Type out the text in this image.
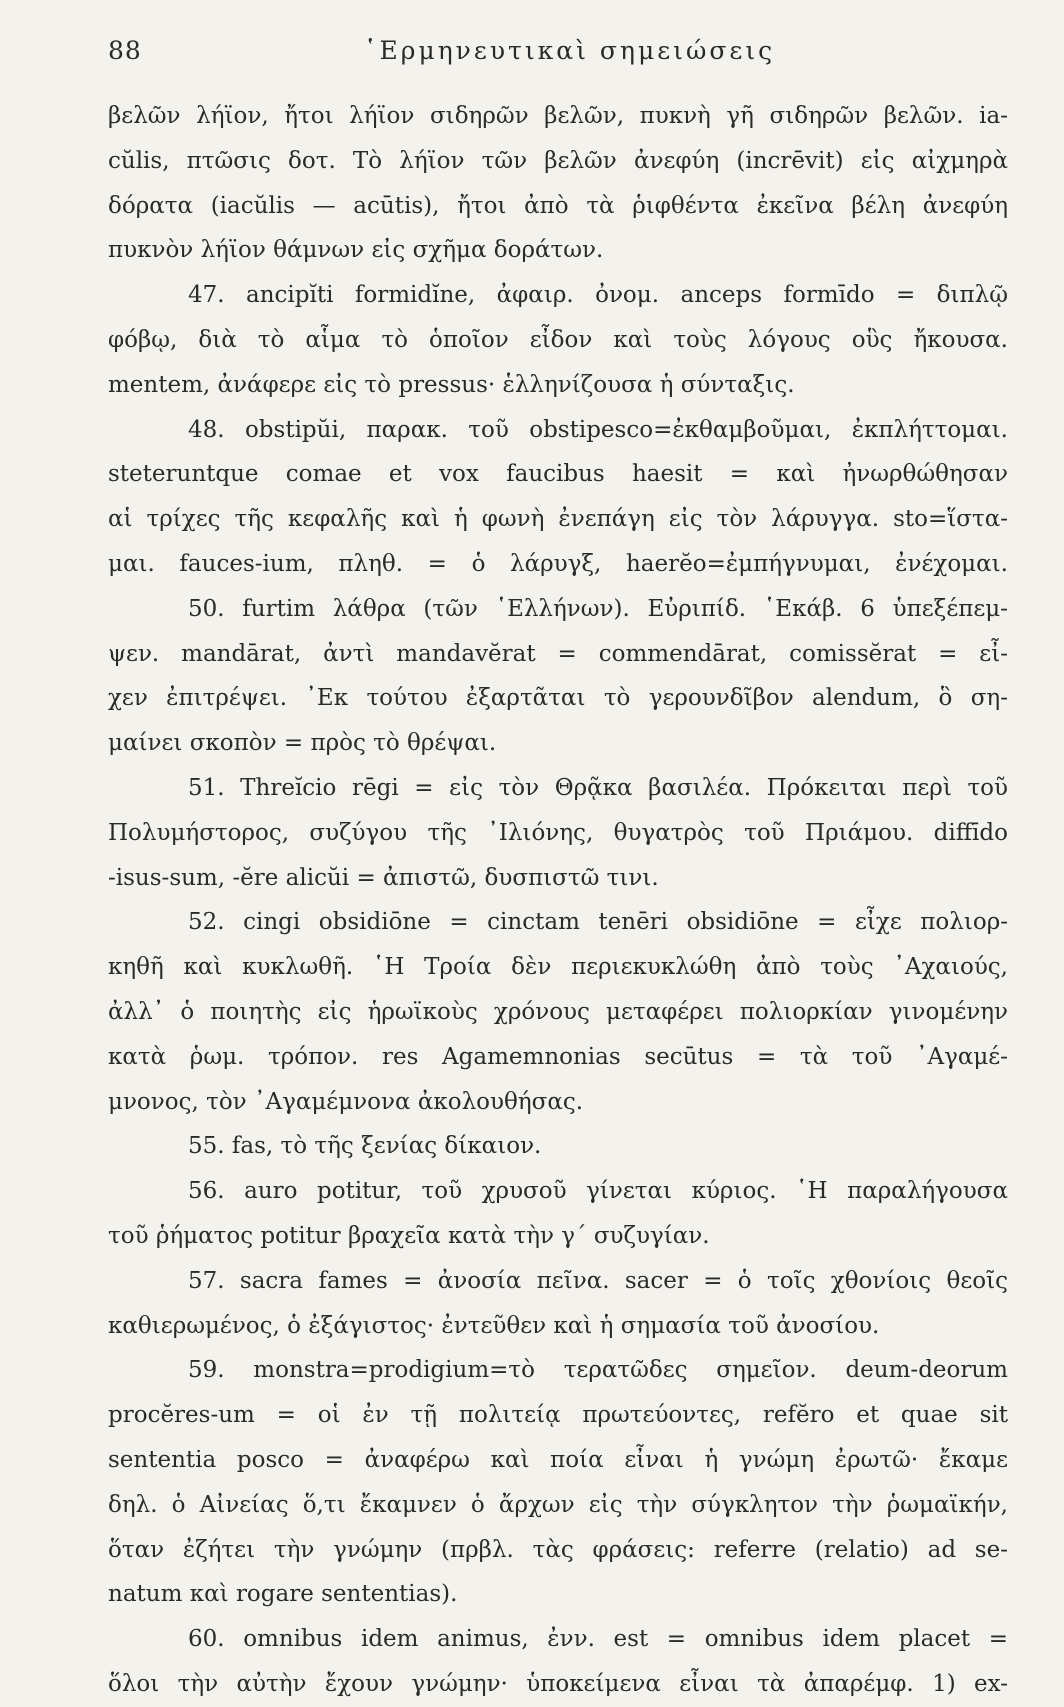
88	῾Ερμηνευτικαὶ σημειώσεις
βελῶν λήϊον, ἤτοι λήϊον σιδηρῶν βελῶν, πυκνὴ γῆ σιδηρῶν βελῶν. ia-
cŭlis, πτῶσις δοτ. Τὸ λήϊον τῶν βελῶν ἀνεφύη (incrēvit) εἰς αἰχμηρὰ
δόρατα (iacŭlis — acūtis), ἤτοι ἀπὸ τὰ ῥιφθέντα ἐκεῖνα βέλη ἀνεφύη
πυκνὸν λήϊον θάμνων εἰς σχῆμα δοράτων.
47. ancipĭti formidĭne, ἀφαιρ. ὀνομ. anceps formīdo = διπλῷ
φόβῳ, διὰ τὸ αἷμα τὸ ὁποῖον εἶδον καὶ τοὺς λόγους οὓς ἤκουσα.
mentem, ἀνάφερε εἰς τὸ pressus· ἑλληνίζουσα ἡ σύνταξις.
48. obstipŭi, παρακ. τοῦ obstipesco=ἐκθαμβοῦμαι, ἐκπλήττομαι.
steteruntque comae et vox faucibus haesit = καὶ ἠνωρθώθησαν
αἱ τρίχες τῆς κεφαλῆς καὶ ἡ φωνὴ ἐνεπάγη εἰς τὸν λάρυγγα. sto=ἵστα-
μαι. fauces-ium, πληθ. = ὁ λάρυγξ, haerĕo=ἐμπήγνυμαι, ἐνέχομαι.
50. furtim λάθρα (τῶν ῾Ελλήνων). Εὐριπίδ. ῾Εκάβ. 6 ὑπεξέπεμ-
ψεν. mandārat, ἀντὶ mandavĕrat = commendārat, comissĕrat = εἶ-
χεν ἐπιτρέψει. ᾿Εκ τούτου ἐξαρτᾶται τὸ γερουνδῖβον alendum, ὃ ση-
μαίνει σκοπὸν = πρὸς τὸ θρέψαι.
51. Threĭcio rēgi = εἰς τὸν Θρᾷκα βασιλέα. Πρόκειται περὶ τοῦ
Πολυμήστορος, συζύγου τῆς ᾿Ιλιόνης, θυγατρὸς τοῦ Πριάμου. diffīdo
-isus-sum, -ĕre alicŭi = ἀπιστῶ, δυσπιστῶ τινι.
52. cingi obsidiōne = cinctam tenēri obsidiōne = εἶχε πολιορ-
κηθῆ καὶ κυκλωθῆ. ῾Η Τροία δὲν περιεκυκλώθη ἀπὸ τοὺς ᾿Αχαιούς,
ἀλλ᾿ ὁ ποιητὴς εἰς ἡρωϊκοὺς χρόνους μεταφέρει πολιορκίαν γινομένην
κατὰ ῥωμ. τρόπον. res Agamemnonias secūtus = τὰ τοῦ ᾿Αγαμέ-
μνονος, τὸν ᾿Αγαμέμνονα ἀκολουθήσας.
55. fas, τὸ τῆς ξενίας δίκαιον.
56. auro potitur, τοῦ χρυσοῦ γίνεται κύριος. ῾Η παραλήγουσα
τοῦ ῥήματος potitur βραχεῖα κατὰ τὴν γ΄ συζυγίαν.
57. sacra fames = ἀνοσία πεῖνα. sacer = ὁ τοῖς χθονίοις θεοῖς
καθιερωμένος, ὁ ἐξάγιστος· ἐντεῦθεν καὶ ἡ σημασία τοῦ ἀνοσίου.
59. monstra=prodigium=τὸ τερατῶδες σημεῖον. deum-deorum
procĕres-um = οἱ ἐν τῇ πολιτείᾳ πρωτεύοντες, refĕro et quae sit
sententia posco = ἀναφέρω καὶ ποία εἶναι ἡ γνώμη ἐρωτῶ· ἔκαμε
δηλ. ὁ Αἰνείας ὅ,τι ἔκαμνεν ὁ ἄρχων εἰς τὴν σύγκλητον τὴν ῥωμαϊκήν,
ὅταν ἐζήτει τὴν γνώμην (πρβλ. τὰς φράσεις: referre (relatio) ad se-
natum καὶ rogare sententias).
60. omnibus idem animus, ἐνν. est = omnibus idem placet =
ὅλοι τὴν αὐτὴν ἔχουν γνώμην· ὑποκείμενα εἶναι τὰ ἀπαρέμφ. 1) ex-
